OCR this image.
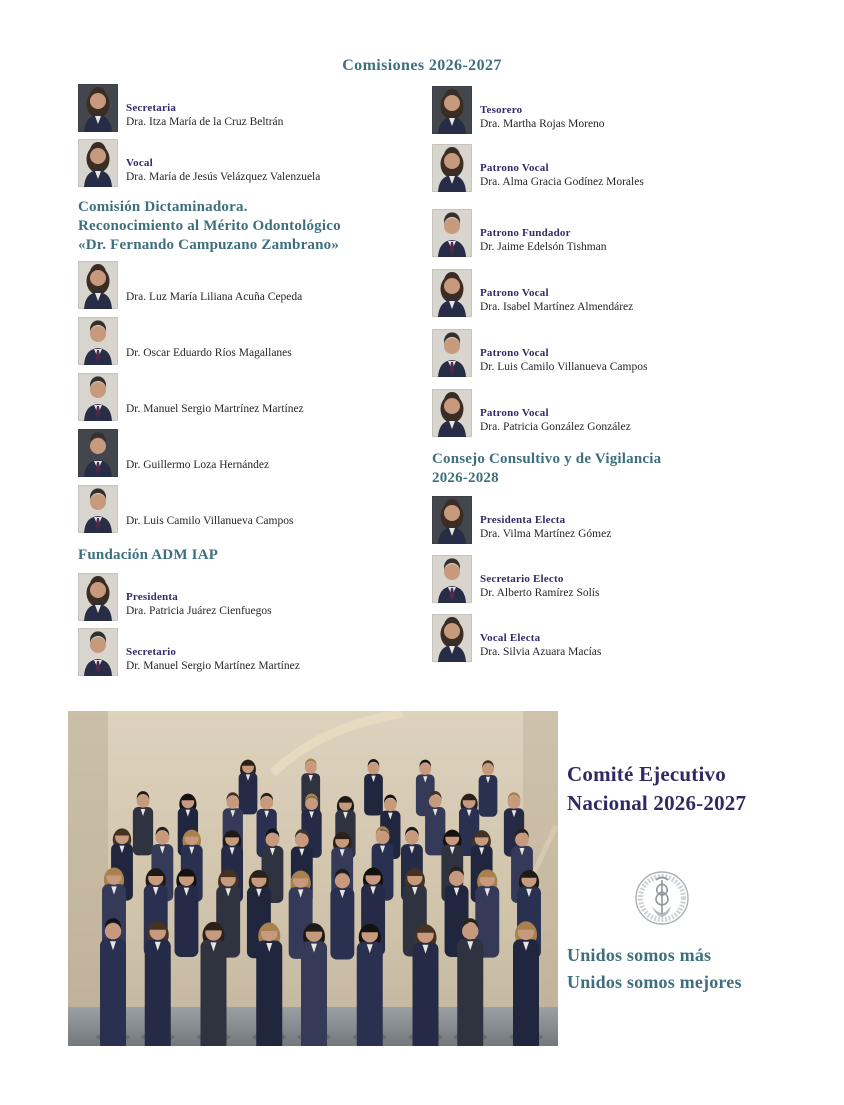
Comisiones 2026-2027
Secretaria
Dra. Itza María de la Cruz Beltrán
Vocal
Dra. María de Jesús Velázquez Valenzuela
Comisión Dictaminadora.
Reconocimiento al Mérito Odontológico
«Dr. Fernando Campuzano Zambrano»
Dra. Luz María Liliana Acuña Cepeda
Dr. Oscar Eduardo Ríos Magallanes
Dr. Manuel Sergio Martrínez Martínez
Dr. Guillermo Loza Hernández
Dr. Luis Camilo Villanueva Campos
Fundación ADM IAP
Presidenta
Dra. Patricia Juárez Cienfuegos
Secretario
Dr. Manuel Sergio Martínez Martínez
Tesorero
Dra. Martha Rojas Moreno
Patrono Vocal
Dra. Alma Gracia Godínez Morales
Patrono Fundador
Dr. Jaime Edelsón Tishman
Patrono Vocal
Dra. Isabel Martínez Almendárez
Patrono Vocal
Dr. Luis Camilo Villanueva Campos
Patrono Vocal
Dra. Patricia González González
Consejo Consultivo y de Vigilancia
2026-2028
Presidenta Electa
Dra. Vilma Martínez Gómez
Secretario Electo
Dr. Alberto Ramírez Solís
Vocal Electa
Dra. Silvia Azuara Macías
Comité Ejecutivo
Nacional 2026-2027
Unidos somos más
Unidos somos mejores
